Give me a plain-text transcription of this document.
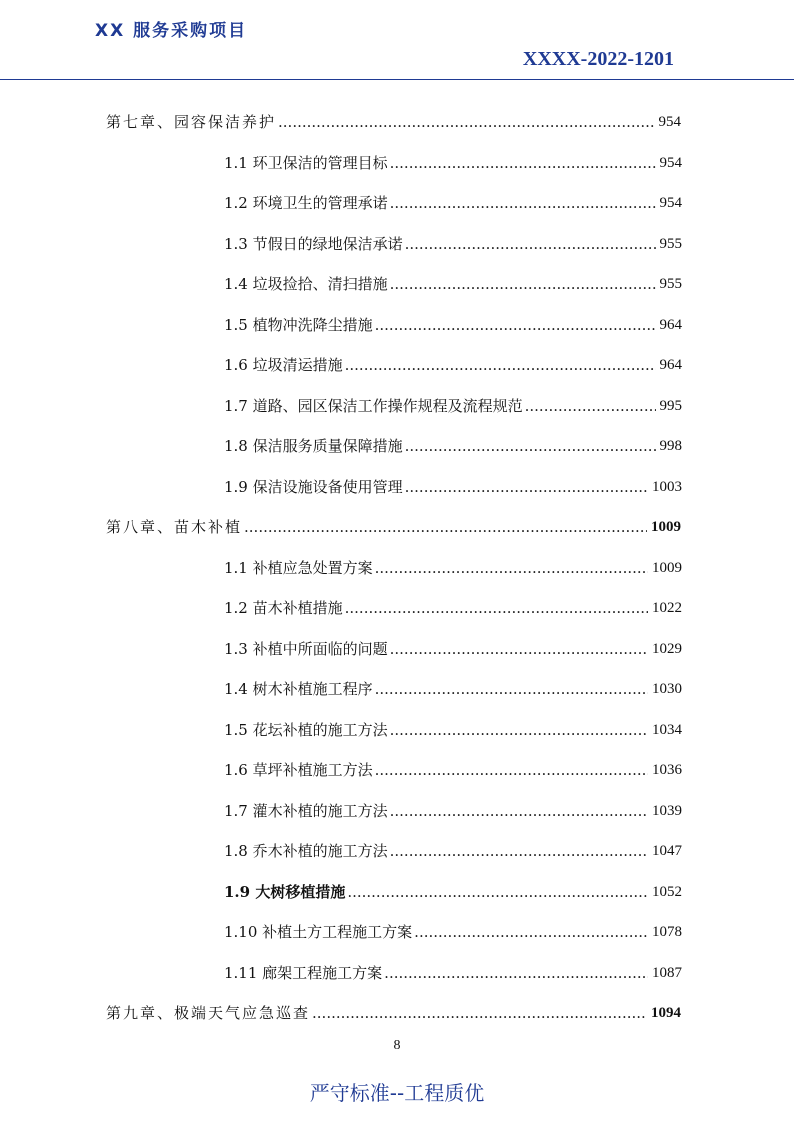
XX 服务采购项目
XXXX-2022-1201
第七章、园容保洁养护 .....	954
1.1 环卫保洁的管理目标 .....	954
1.2 环境卫生的管理承诺 .....	954
1.3 节假日的绿地保洁承诺 .....	955
1.4 垃圾捡拾、清扫措施 .....	955
1.5 植物冲洗降尘措施 .....	964
1.6 垃圾清运措施 .....	964
1.7 道路、园区保洁工作操作规程及流程规范 .....	995
1.8 保洁服务质量保障措施 .....	998
1.9 保洁设施设备使用管理 .....	1003
第八章、苗木补植 .....	1009
1.1 补植应急处置方案 .....	1009
1.2 苗木补植措施 .....	1022
1.3 补植中所面临的问题 .....	1029
1.4 树木补植施工程序 .....	1030
1.5 花坛补植的施工方法 .....	1034
1.6 草坪补植施工方法 .....	1036
1.7 灌木补植的施工方法 .....	1039
1.8 乔木补植的施工方法 .....	1047
1.9 大树移植措施 .....	1052
1.10 补植土方工程施工方案 .....	1078
1.11 廊架工程施工方案 .....	1087
第九章、极端天气应急巡查 .....	1094
8
严守标准--工程质优
